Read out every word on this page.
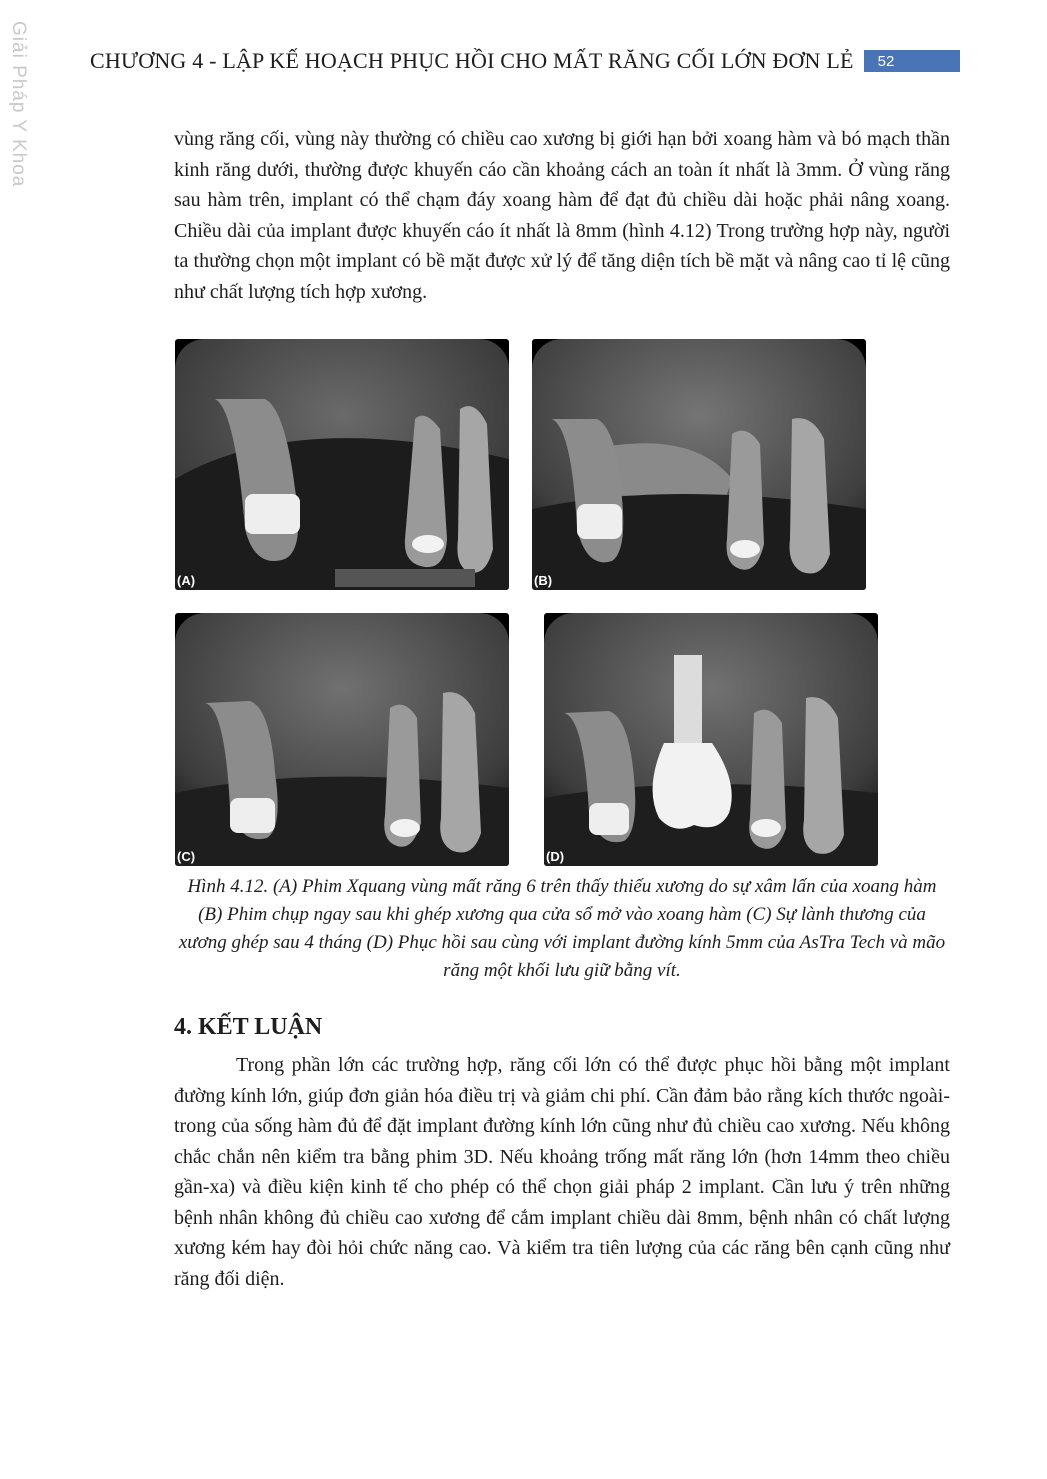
Giải Pháp Y Khoa	CHƯƠNG 4 - LẬP KẾ HOẠCH PHỤC HỒI CHO MẤT RĂNG CỐI LỚN ĐƠN LẺ	52

vùng răng cối, vùng này thường có chiều cao xương bị giới hạn bởi xoang hàm và bó mạch thần kinh răng dưới, thường được khuyến cáo cần khoảng cách an toàn ít nhất là 3mm. Ở vùng răng sau hàm trên, implant có thể chạm đáy xoang hàm để đạt đủ chiều dài hoặc phải nâng xoang. Chiều dài của implant được khuyến cáo ít nhất là 8mm (hình 4.12) Trong trường hợp này, người ta thường chọn một implant có bề mặt được xử lý để tăng diện tích bề mặt và nâng cao tỉ lệ cũng như chất lượng tích hợp xương.

(A)	(B)
(C)	(D)

Hình 4.12. (A) Phim Xquang vùng mất răng 6 trên thấy thiếu xương do sự xâm lấn của xoang hàm (B) Phim chụp ngay sau khi ghép xương qua cửa sổ mở vào xoang hàm (C) Sự lành thương của xương ghép sau 4 tháng (D) Phục hồi sau cùng với implant đường kính 5mm của AsTra Tech và mão răng một khối lưu giữ bằng vít.

4. KẾT LUẬN

Trong phần lớn các trường hợp, răng cối lớn có thể được phục hồi bằng một implant đường kính lớn, giúp đơn giản hóa điều trị và giảm chi phí. Cần đảm bảo rằng kích thước ngoài-trong của sống hàm đủ để đặt implant đường kính lớn cũng như đủ chiều cao xương. Nếu không chắc chắn nên kiểm tra bằng phim 3D. Nếu khoảng trống mất răng lớn (hơn 14mm theo chiều gần-xa) và điều kiện kinh tế cho phép có thể chọn giải pháp 2 implant. Cần lưu ý trên những bệnh nhân không đủ chiều cao xương để cắm implant chiều dài 8mm, bệnh nhân có chất lượng xương kém hay đòi hỏi chức năng cao. Và kiểm tra tiên lượng của các răng bên cạnh cũng như răng đối diện.
